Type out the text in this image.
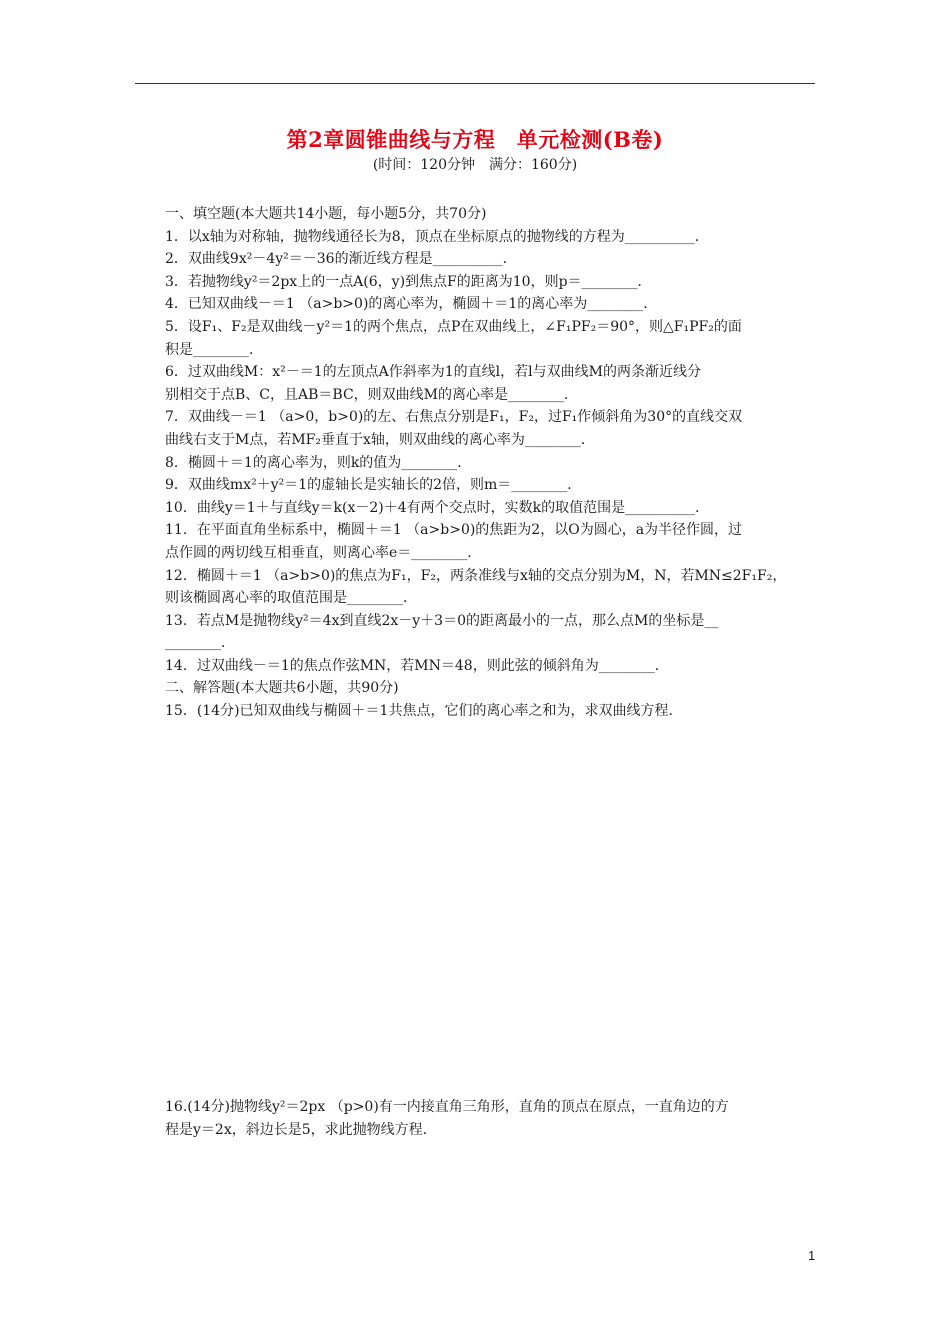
第2章圆锥曲线与方程　单元检测(B卷)
(时间：120分钟　满分：160分)
一、填空题(本大题共14小题，每小题5分，共70分)
1．以x轴为对称轴，抛物线通径长为8，顶点在坐标原点的抛物线的方程为__________．
2．双曲线9x²－4y²＝－36的渐近线方程是__________．
3．若抛物线y²＝2px上的一点A(6，y)到焦点F的距离为10，则p＝________．
4．已知双曲线－＝1 （a>b>0)的离心率为，椭圆＋＝1的离心率为________．
5．设F₁、F₂是双曲线－y²＝1的两个焦点，点P在双曲线上，∠F₁PF₂＝90°，则△F₁PF₂的面
积是________．
6．过双曲线M：x²－＝1的左顶点A作斜率为1的直线l，若l与双曲线M的两条渐近线分
别相交于点B、C，且AB＝BC，则双曲线M的离心率是________．
7．双曲线－＝1 （a>0，b>0)的左、右焦点分别是F₁，F₂，过F₁作倾斜角为30°的直线交双
曲线右支于M点，若MF₂垂直于x轴，则双曲线的离心率为________．
8．椭圆＋＝1的离心率为，则k的值为________．
9．双曲线mx²＋y²＝1的虚轴长是实轴长的2倍，则m＝________．
10．曲线y＝1＋与直线y＝k(x－2)＋4有两个交点时，实数k的取值范围是__________．
11．在平面直角坐标系中，椭圆＋＝1 （a>b>0)的焦距为2，以O为圆心，a为半径作圆，过
点作圆的两切线互相垂直，则离心率e＝________．
12．椭圆＋＝1 （a>b>0)的焦点为F₁，F₂，两条准线与x轴的交点分别为M，N，若MN≤2F₁F₂，
则该椭圆离心率的取值范围是________．
13．若点M是抛物线y²＝4x到直线2x－y＋3＝0的距离最小的一点，那么点M的坐标是__
________．
14．过双曲线－＝1的焦点作弦MN，若MN＝48，则此弦的倾斜角为________．
二、解答题(本大题共6小题，共90分)
15．(14分)已知双曲线与椭圆＋＝1共焦点，它们的离心率之和为，求双曲线方程．
16.(14分)抛物线y²＝2px （p>0)有一内接直角三角形，直角的顶点在原点，一直角边的方
程是y＝2x，斜边长是5，求此抛物线方程．
1
